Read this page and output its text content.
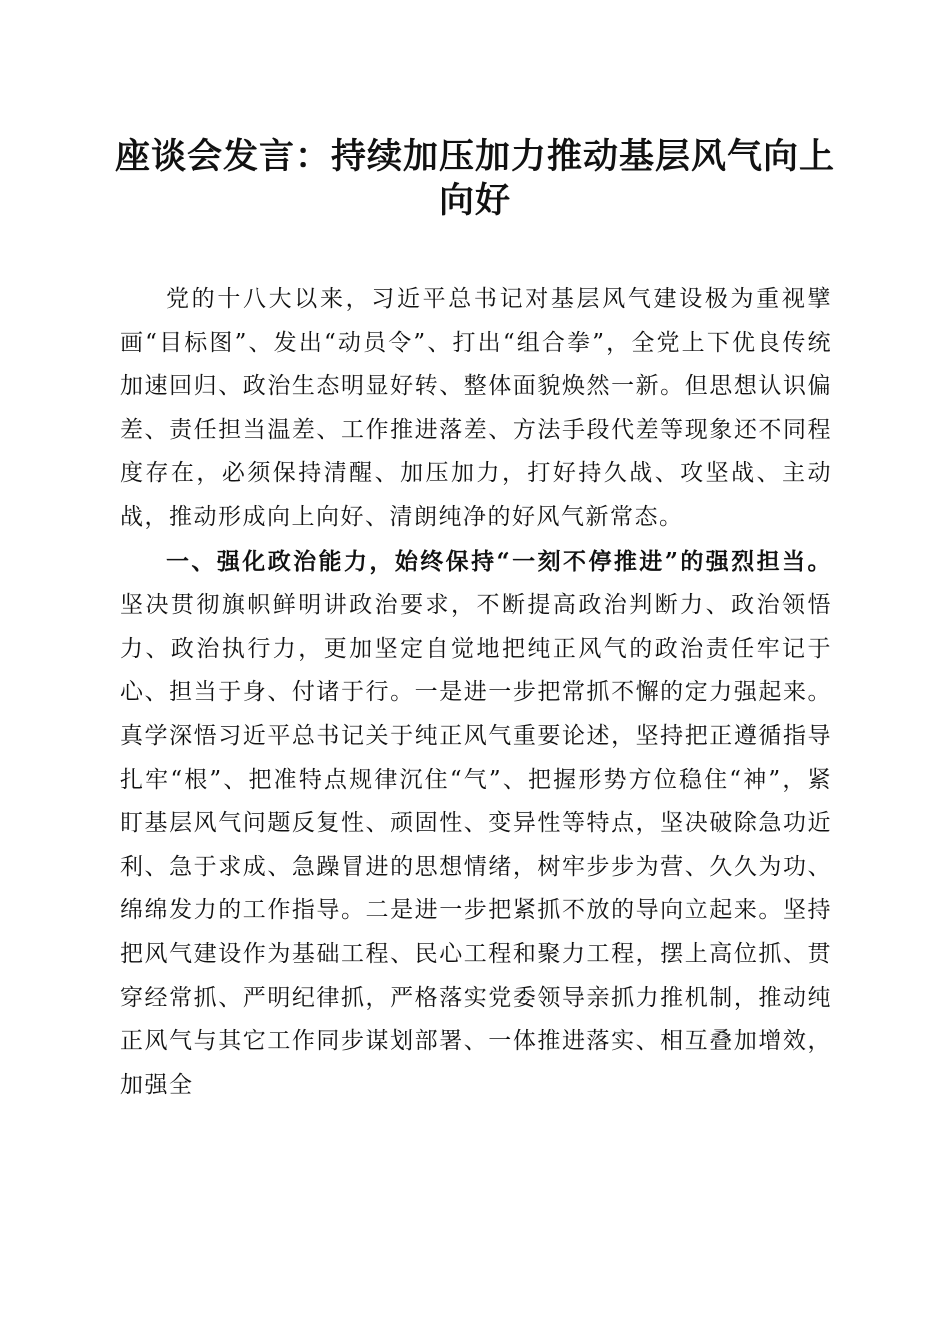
座谈会发言：持续加压加力推动基层风气向上向好

党的十八大以来，习近平总书记对基层风气建设极为重视擘画“目标图”、发出“动员令”、打出“组合拳”，全党上下优良传统加速回归、政治生态明显好转、整体面貌焕然一新。但思想认识偏差、责任担当温差、工作推进落差、方法手段代差等现象还不同程度存在，必须保持清醒、加压加力，打好持久战、攻坚战、主动战，推动形成向上向好、清朗纯净的好风气新常态。

一、强化政治能力，始终保持“一刻不停推进”的强烈担当。坚决贯彻旗帜鲜明讲政治要求，不断提高政治判断力、政治领悟力、政治执行力，更加坚定自觉地把纯正风气的政治责任牢记于心、担当于身、付诸于行。一是进一步把常抓不懈的定力强起来。真学深悟习近平总书记关于纯正风气重要论述，坚持把正遵循指导扎牢“根”、把准特点规律沉住“气”、把握形势方位稳住“神”，紧盯基层风气问题反复性、顽固性、变异性等特点，坚决破除急功近利、急于求成、急躁冒进的思想情绪，树牢步步为营、久久为功、绵绵发力的工作指导。二是进一步把紧抓不放的导向立起来。坚持把风气建设作为基础工程、民心工程和聚力工程，摆上高位抓、贯穿经常抓、严明纪律抓，严格落实党委领导亲抓力推机制，推动纯正风气与其它工作同步谋划部署、一体推进落实、相互叠加增效，加强全
